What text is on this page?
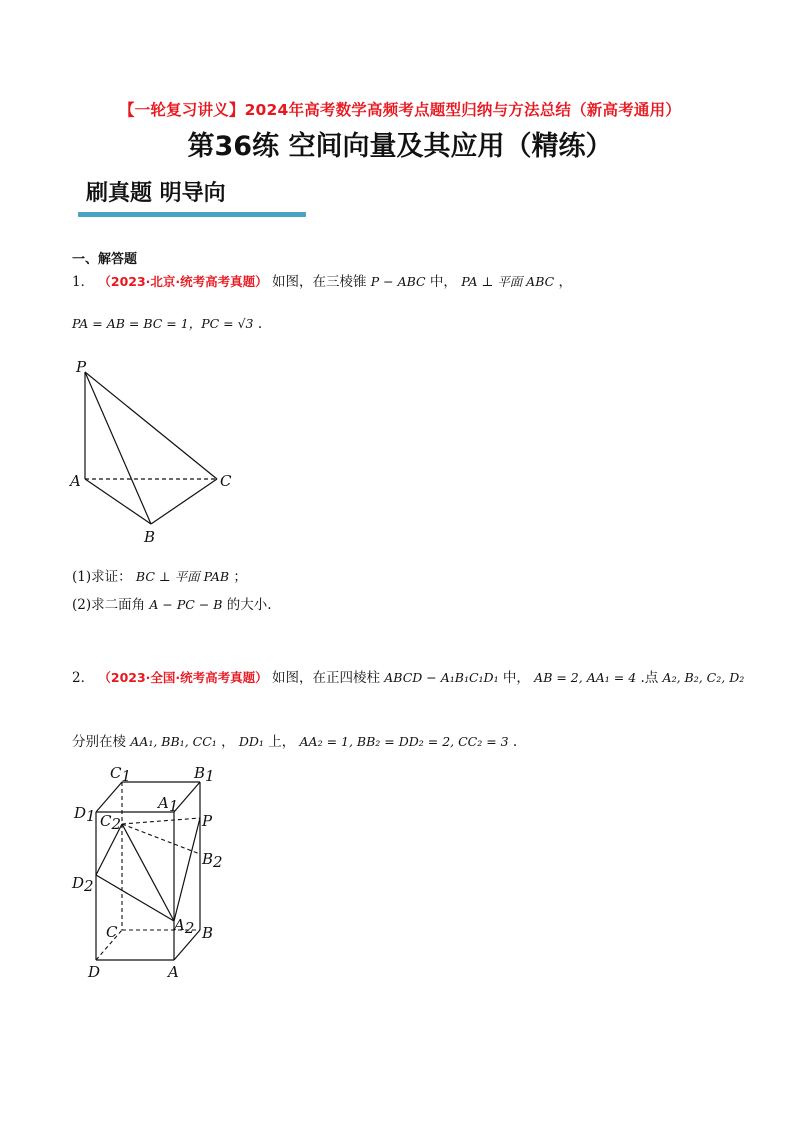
【一轮复习讲义】2024年高考数学高频考点题型归纳与方法总结（新高考通用）
第36练 空间向量及其应用（精练）
刷真题 明导向
一、解答题
1． （2023·北京·统考高考真题） 如图，在三棱锥 P − ABC 中， PA ⊥ 平面 ABC ，
PA = AB = BC = 1，PC = √3 .
P
A	C
B
(1)求证： BC ⊥ 平面 PAB ；
(2)求二面角 A − PC − B 的大小.
2． （2023·全国·统考高考真题） 如图，在正四棱柱 ABCD − A₁B₁C₁D₁ 中， AB = 2, AA₁ = 4 .点 A₂, B₂, C₂, D₂
分别在棱 AA₁, BB₁, CC₁ ， DD₁ 上， AA₂ = 1, BB₂ = DD₂ = 2, CC₂ = 3 .
C1	B1
A1
D1 C2	P
B2
D2
A2
C	B
D	A
